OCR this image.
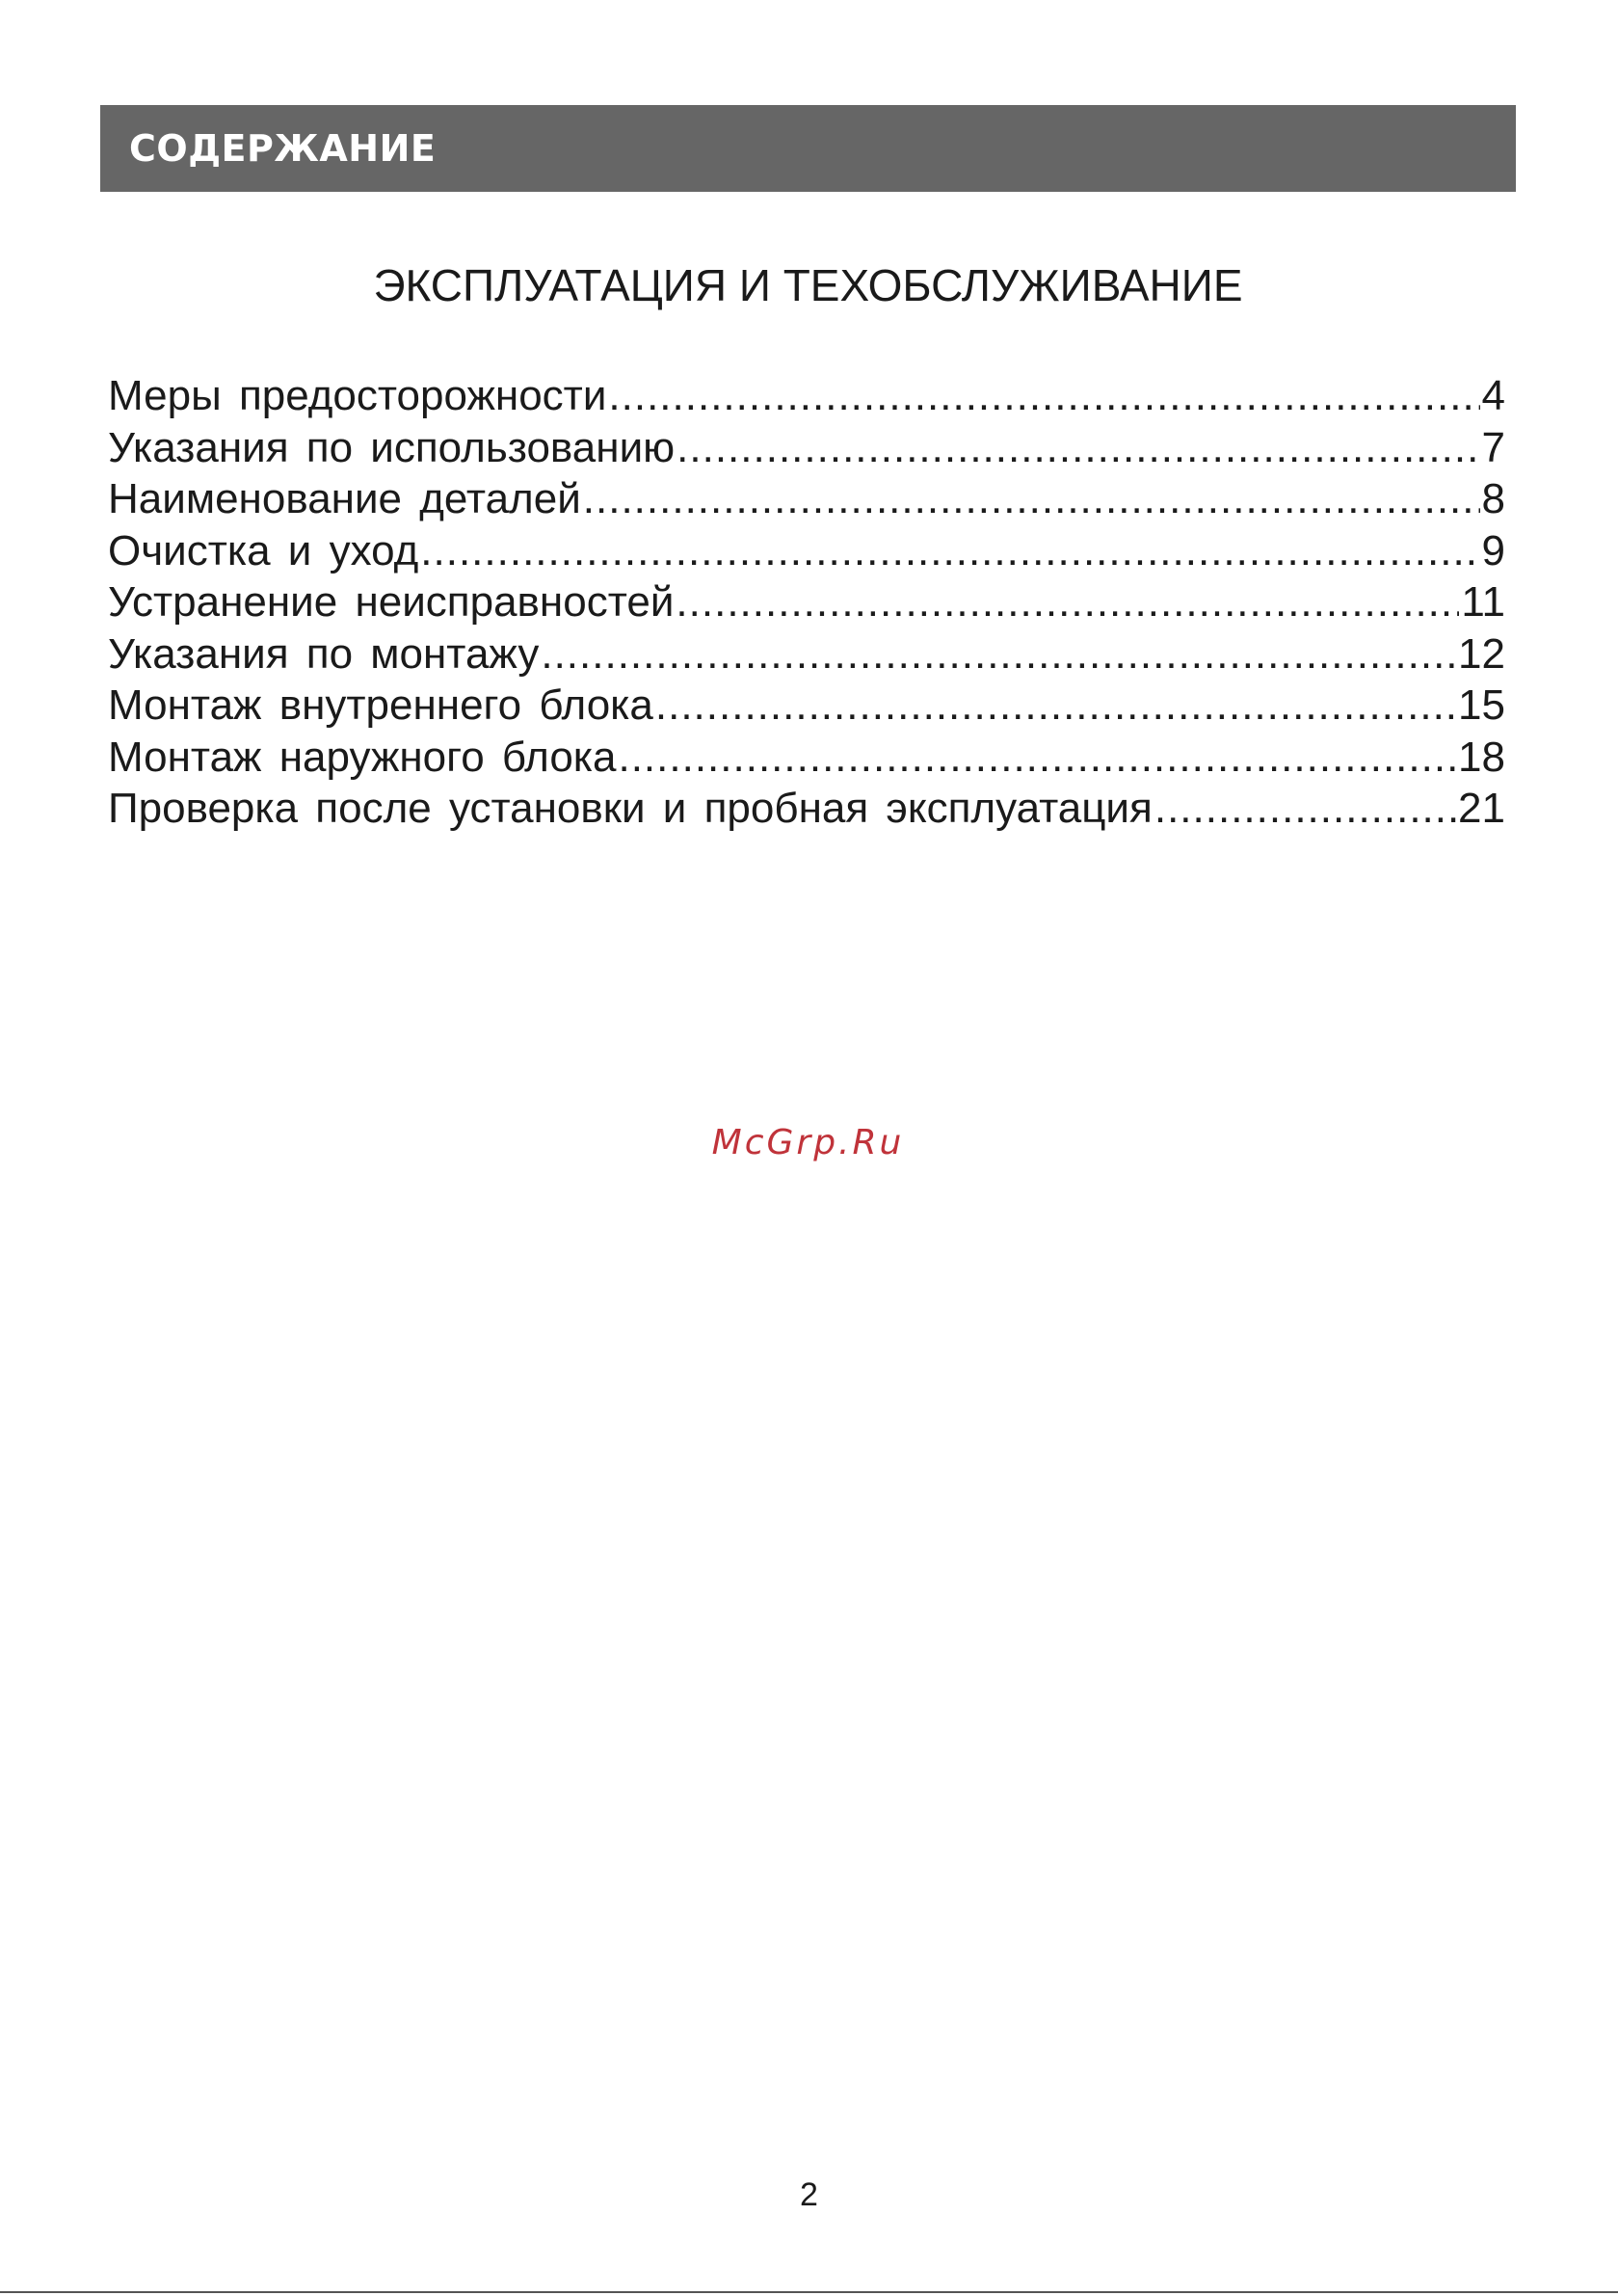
СОДЕРЖАНИЕ
ЭКСПЛУАТАЦИЯ И ТЕХОБСЛУЖИВАНИЕ
Меры предосторожности .....	4
Указания по использованию .....	7
Наименование деталей .....	8
Очистка и уход .....	9
Устранение неисправностей .....	11
Указания по монтажу .....	12
Монтаж внутреннего блока .....	15
Монтаж наружного блока .....	18
Проверка после установки и пробная эксплуатация .....	21
McGrp.Ru
2
